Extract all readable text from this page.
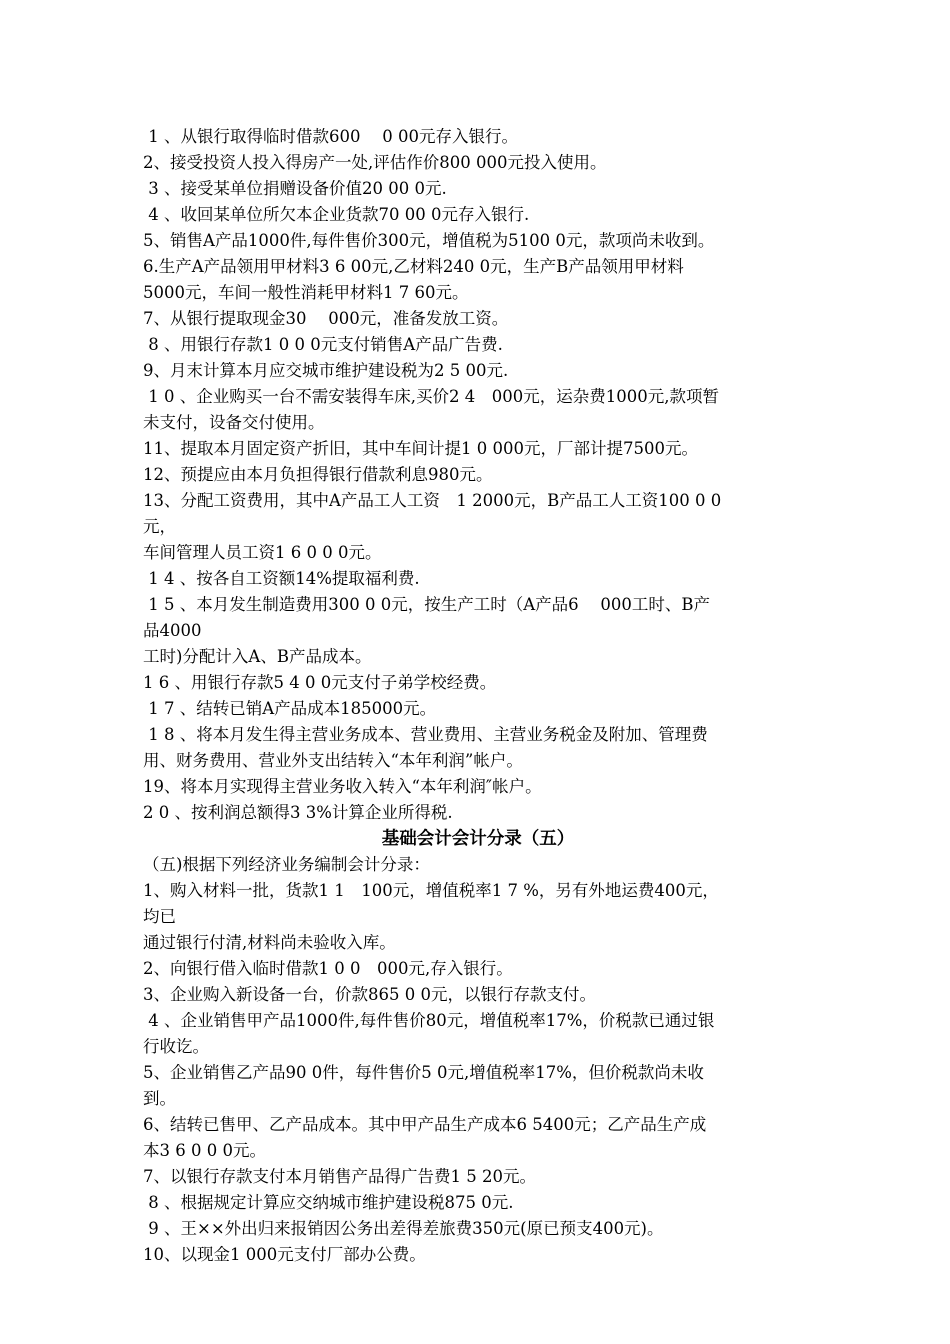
1 、从银行取得临时借款600　 0 00元存入银行。
2、接受投资人投入得房产一处,评估作价800 000元投入使用。
3 、接受某单位捐赠设备价值20 00 0元.
4 、收回某单位所欠本企业货款70 00 0元存入银行.
5、销售A产品1000件,每件售价300元，增值税为5100 0元，款项尚未收到。
6.生产A产品领用甲材料3 6 00元,乙材料240 0元，生产B产品领用甲材料
5000元，车间一般性消耗甲材料1 7 60元。
7、从银行提取现金30　 000元，准备发放工资。
8 、用银行存款1 0 0 0元支付销售A产品广告费.
9、月末计算本月应交城市维护建设税为2 5 00元.
1 0 、企业购买一台不需安装得车床,买价2 4　000元，运杂费1000元,款项暂
未支付，设备交付使用。
11、提取本月固定资产折旧，其中车间计提1 0 000元，厂部计提7500元。
12、预提应由本月负担得银行借款利息980元。
13、分配工资费用，其中A产品工人工资　1 2000元，B产品工人工资100 0 0
元，
车间管理人员工资1 6 0 0 0元。
1 4 、按各自工资额14%提取福利费.
1 5 、本月发生制造费用300 0 0元，按生产工时（A产品6　 000工时、B产
品4000
工时)分配计入A、B产品成本。
1 6 、用银行存款5 4 0 0元支付子弟学校经费。
1 7 、结转已销A产品成本185000元。
1 8 、将本月发生得主营业务成本、营业费用、主营业务税金及附加、管理费
用、财务费用、营业外支出结转入“本年利润”帐户。
19、将本月实现得主营业务收入转入“本年利润″帐户。
2 0 、按利润总额得3 3%计算企业所得税.
基础会计会计分录（五）
（五)根据下列经济业务编制会计分录：
1、购入材料一批，货款1 1　100元，增值税率1 7 %，另有外地运费400元，
均已
通过银行付清,材料尚未验收入库。
2、向银行借入临时借款1 0 0　000元,存入银行。
3、企业购入新设备一台，价款865 0 0元，以银行存款支付。
4 、企业销售甲产品1000件,每件售价80元，增值税率17%，价税款已通过银
行收讫。
5、企业销售乙产品90 0件，每件售价5 0元,增值税率17%，但价税款尚未收
到。
6、结转已售甲、乙产品成本。其中甲产品生产成本6 5400元；乙产品生产成
本3 6 0 0 0元。
7、以银行存款支付本月销售产品得广告费1 5 20元。
8 、根据规定计算应交纳城市维护建设税875 0元.
9 、王××外出归来报销因公务出差得差旅费350元(原已预支400元)。
10、以现金1 000元支付厂部办公费。
